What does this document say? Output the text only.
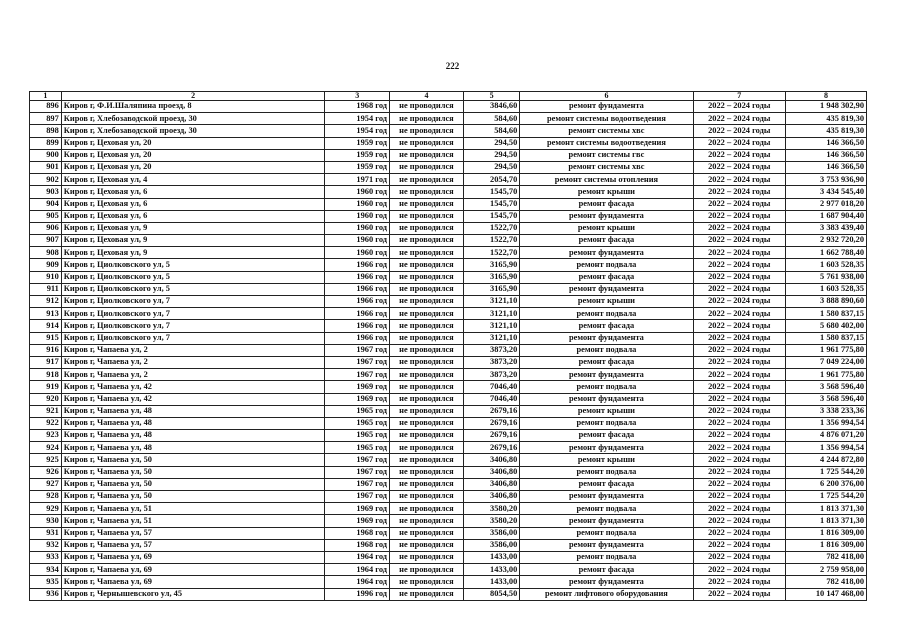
222
1	2	3	4	5	6	7	8
896	Киров г, Ф.И.Шаляпина проезд, 8	1968 год	не проводился	3846,60	ремонт фундамента	2022 – 2024 годы	1 948 302,90
897	Киров г, Хлебозаводской проезд, 30	1954 год	не проводился	584,60	ремонт системы водоотведения	2022 – 2024 годы	435 819,30
898	Киров г, Хлебозаводской проезд, 30	1954 год	не проводился	584,60	ремонт системы хвс	2022 – 2024 годы	435 819,30
899	Киров г, Цеховая ул, 20	1959 год	не проводился	294,50	ремонт системы водоотведения	2022 – 2024 годы	146 366,50
900	Киров г, Цеховая ул, 20	1959 год	не проводился	294,50	ремонт системы гвс	2022 – 2024 годы	146 366,50
901	Киров г, Цеховая ул, 20	1959 год	не проводился	294,50	ремонт системы хвс	2022 – 2024 годы	146 366,50
902	Киров г, Цеховая ул, 4	1971 год	не проводился	2054,70	ремонт системы отопления	2022 – 2024 годы	3 753 936,90
903	Киров г, Цеховая ул, 6	1960 год	не проводился	1545,70	ремонт крыши	2022 – 2024 годы	3 434 545,40
904	Киров г, Цеховая ул, 6	1960 год	не проводился	1545,70	ремонт фасада	2022 – 2024 годы	2 977 018,20
905	Киров г, Цеховая ул, 6	1960 год	не проводился	1545,70	ремонт фундамента	2022 – 2024 годы	1 687 904,40
906	Киров г, Цеховая ул, 9	1960 год	не проводился	1522,70	ремонт крыши	2022 – 2024 годы	3 383 439,40
907	Киров г, Цеховая ул, 9	1960 год	не проводился	1522,70	ремонт фасада	2022 – 2024 годы	2 932 720,20
908	Киров г, Цеховая ул, 9	1960 год	не проводился	1522,70	ремонт фундамента	2022 – 2024 годы	1 662 788,40
909	Киров г, Циолковского ул, 5	1966 год	не проводился	3165,90	ремонт подвала	2022 – 2024 годы	1 603 528,35
910	Киров г, Циолковского ул, 5	1966 год	не проводился	3165,90	ремонт фасада	2022 – 2024 годы	5 761 938,00
911	Киров г, Циолковского ул, 5	1966 год	не проводился	3165,90	ремонт фундамента	2022 – 2024 годы	1 603 528,35
912	Киров г, Циолковского ул, 7	1966 год	не проводился	3121,10	ремонт крыши	2022 – 2024 годы	3 888 890,60
913	Киров г, Циолковского ул, 7	1966 год	не проводился	3121,10	ремонт подвала	2022 – 2024 годы	1 580 837,15
914	Киров г, Циолковского ул, 7	1966 год	не проводился	3121,10	ремонт фасада	2022 – 2024 годы	5 680 402,00
915	Киров г, Циолковского ул, 7	1966 год	не проводился	3121,10	ремонт фундамента	2022 – 2024 годы	1 580 837,15
916	Киров г, Чапаева ул, 2	1967 год	не проводился	3873,20	ремонт подвала	2022 – 2024 годы	1 961 775,80
917	Киров г, Чапаева ул, 2	1967 год	не проводился	3873,20	ремонт фасада	2022 – 2024 годы	7 049 224,00
918	Киров г, Чапаева ул, 2	1967 год	не проводился	3873,20	ремонт фундамента	2022 – 2024 годы	1 961 775,80
919	Киров г, Чапаева ул, 42	1969 год	не проводился	7046,40	ремонт подвала	2022 – 2024 годы	3 568 596,40
920	Киров г, Чапаева ул, 42	1969 год	не проводился	7046,40	ремонт фундамента	2022 – 2024 годы	3 568 596,40
921	Киров г, Чапаева ул, 48	1965 год	не проводился	2679,16	ремонт крыши	2022 – 2024 годы	3 338 233,36
922	Киров г, Чапаева ул, 48	1965 год	не проводился	2679,16	ремонт подвала	2022 – 2024 годы	1 356 994,54
923	Киров г, Чапаева ул, 48	1965 год	не проводился	2679,16	ремонт фасада	2022 – 2024 годы	4 876 071,20
924	Киров г, Чапаева ул, 48	1965 год	не проводился	2679,16	ремонт фундамента	2022 – 2024 годы	1 356 994,54
925	Киров г, Чапаева ул, 50	1967 год	не проводился	3406,80	ремонт крыши	2022 – 2024 годы	4 244 872,80
926	Киров г, Чапаева ул, 50	1967 год	не проводился	3406,80	ремонт подвала	2022 – 2024 годы	1 725 544,20
927	Киров г, Чапаева ул, 50	1967 год	не проводился	3406,80	ремонт фасада	2022 – 2024 годы	6 200 376,00
928	Киров г, Чапаева ул, 50	1967 год	не проводился	3406,80	ремонт фундамента	2022 – 2024 годы	1 725 544,20
929	Киров г, Чапаева ул, 51	1969 год	не проводился	3580,20	ремонт подвала	2022 – 2024 годы	1 813 371,30
930	Киров г, Чапаева ул, 51	1969 год	не проводился	3580,20	ремонт фундамента	2022 – 2024 годы	1 813 371,30
931	Киров г, Чапаева ул, 57	1968 год	не проводился	3586,00	ремонт подвала	2022 – 2024 годы	1 816 309,00
932	Киров г, Чапаева ул, 57	1968 год	не проводился	3586,00	ремонт фундамента	2022 – 2024 годы	1 816 309,00
933	Киров г, Чапаева ул, 69	1964 год	не проводился	1433,00	ремонт подвала	2022 – 2024 годы	782 418,00
934	Киров г, Чапаева ул, 69	1964 год	не проводился	1433,00	ремонт фасада	2022 – 2024 годы	2 759 958,00
935	Киров г, Чапаева ул, 69	1964 год	не проводился	1433,00	ремонт фундамента	2022 – 2024 годы	782 418,00
936	Киров г, Чернышевского ул, 45	1996 год	не проводился	8054,50	ремонт лифтового оборудования	2022 – 2024 годы	10 147 468,00
